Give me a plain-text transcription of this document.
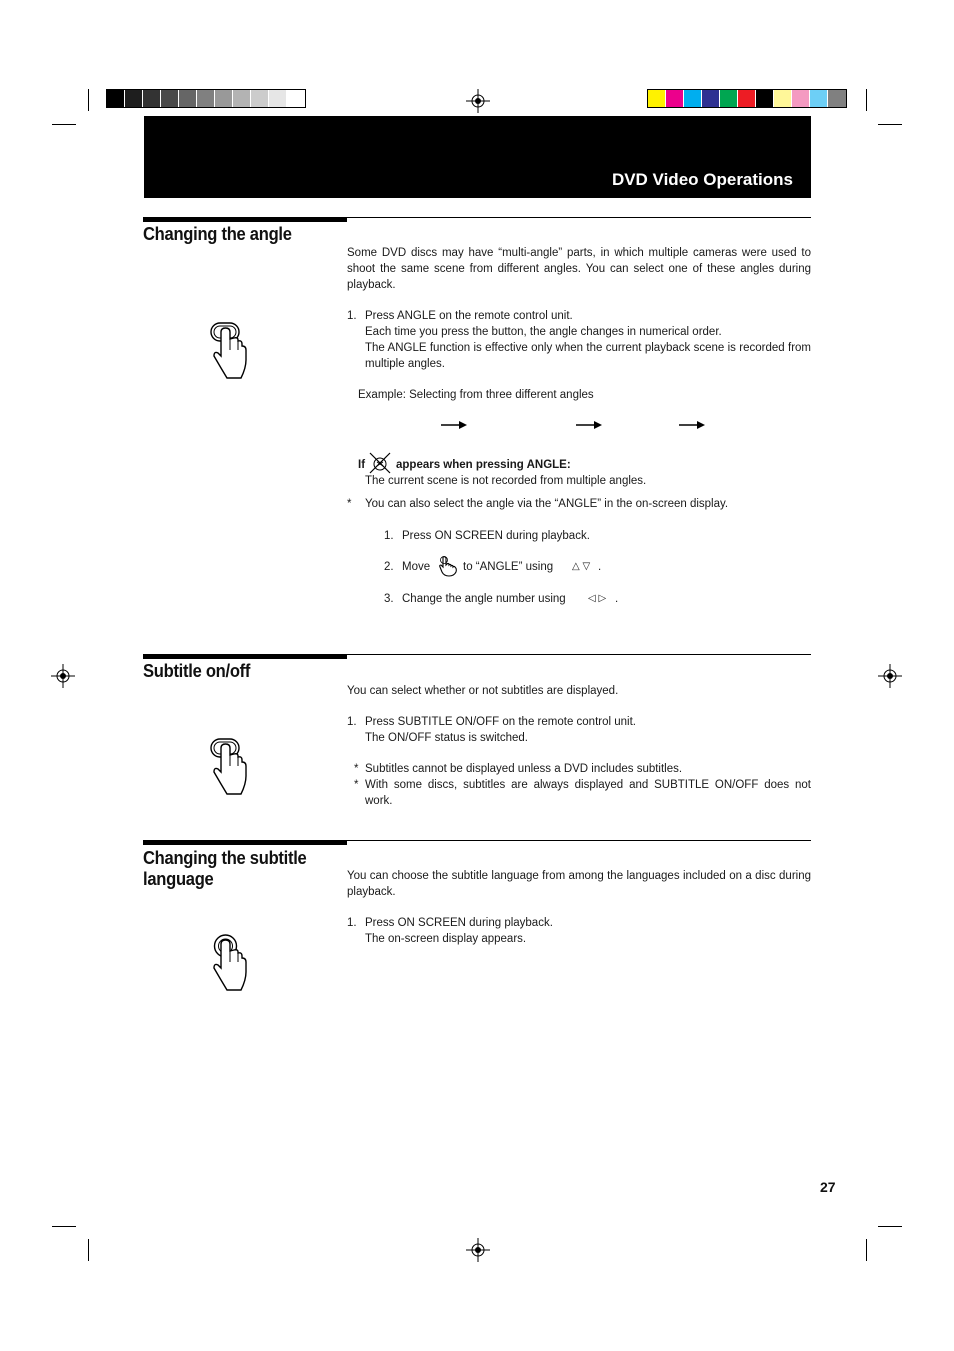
DVD Video Operations
Changing the angle
Some DVD discs may have “multi-angle” parts, in which multiple cameras were used to shoot the same scene from different angles. You can select one of these angles during playback.
1. Press ANGLE on the remote control unit.
Each time you press the button, the angle changes in numerical order.
The ANGLE function is effective only when the current playback scene is recorded from multiple angles.
Example: Selecting from three different angles
If	appears when pressing ANGLE:
The current scene is not recorded from multiple angles.
* You can also select the angle via the “ANGLE” in the on-screen display.
1. Press ON SCREEN during playback.
2. Move	to “ANGLE” using △ ▽ .
3. Change the angle number using ◁ ▷ .
Subtitle on/off
You can select whether or not subtitles are displayed.
1. Press SUBTITLE ON/OFF on the remote control unit.
The ON/OFF status is switched.
* Subtitles cannot be displayed unless a DVD includes subtitles.
* With some discs, subtitles are always displayed and SUBTITLE ON/OFF does not work.
Changing the subtitle
language	You can choose the subtitle language from among the languages included on a disc during playback.
1. Press ON SCREEN during playback.
The on-screen display appears.
27
